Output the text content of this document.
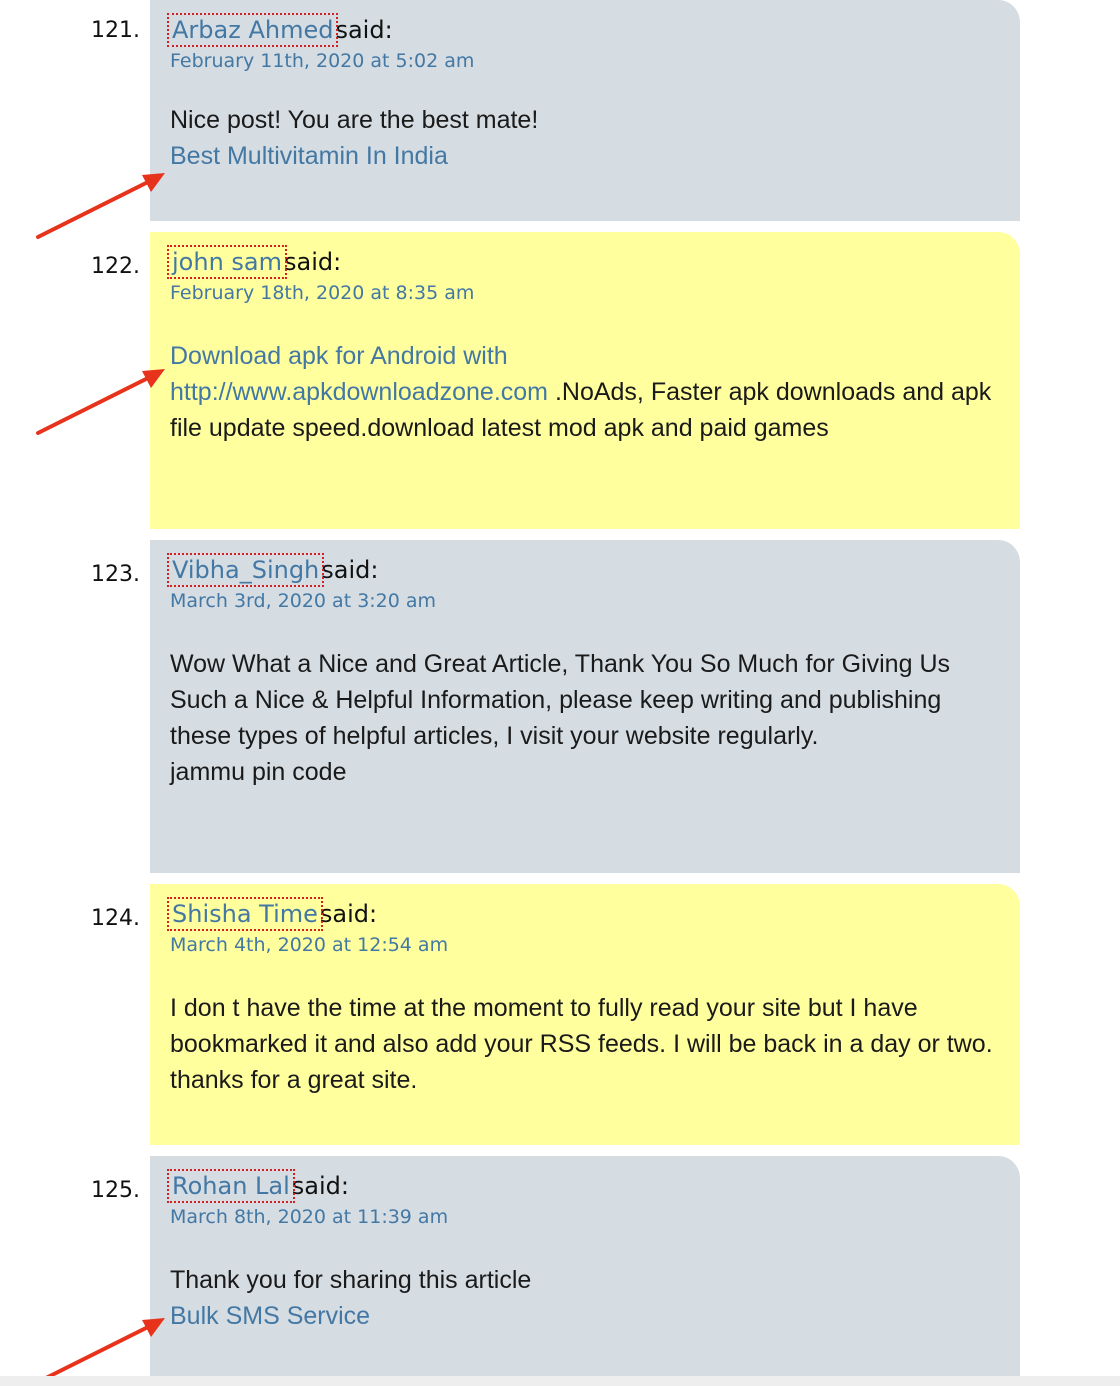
121. Arbaz Ahmedsaid:
February 11th, 2020 at 5:02 am
Nice post! You are the best mate!
Best Multivitamin In India
122. john samsaid:
February 18th, 2020 at 8:35 am
Download apk for Android with
http://www.apkdownloadzone.com .NoAds, Faster apk downloads and apk file update speed.download latest mod apk and paid games
123. Vibha_Singhsaid:
March 3rd, 2020 at 3:20 am
Wow What a Nice and Great Article, Thank You So Much for Giving Us Such a Nice & Helpful Information, please keep writing and publishing these types of helpful articles, I visit your website regularly.
jammu pin code
124. Shisha Timesaid:
March 4th, 2020 at 12:54 am
I don t have the time at the moment to fully read your site but I have bookmarked it and also add your RSS feeds. I will be back in a day or two. thanks for a great site.
125. Rohan Lalsaid:
March 8th, 2020 at 11:39 am
Thank you for sharing this article
Bulk SMS Service
